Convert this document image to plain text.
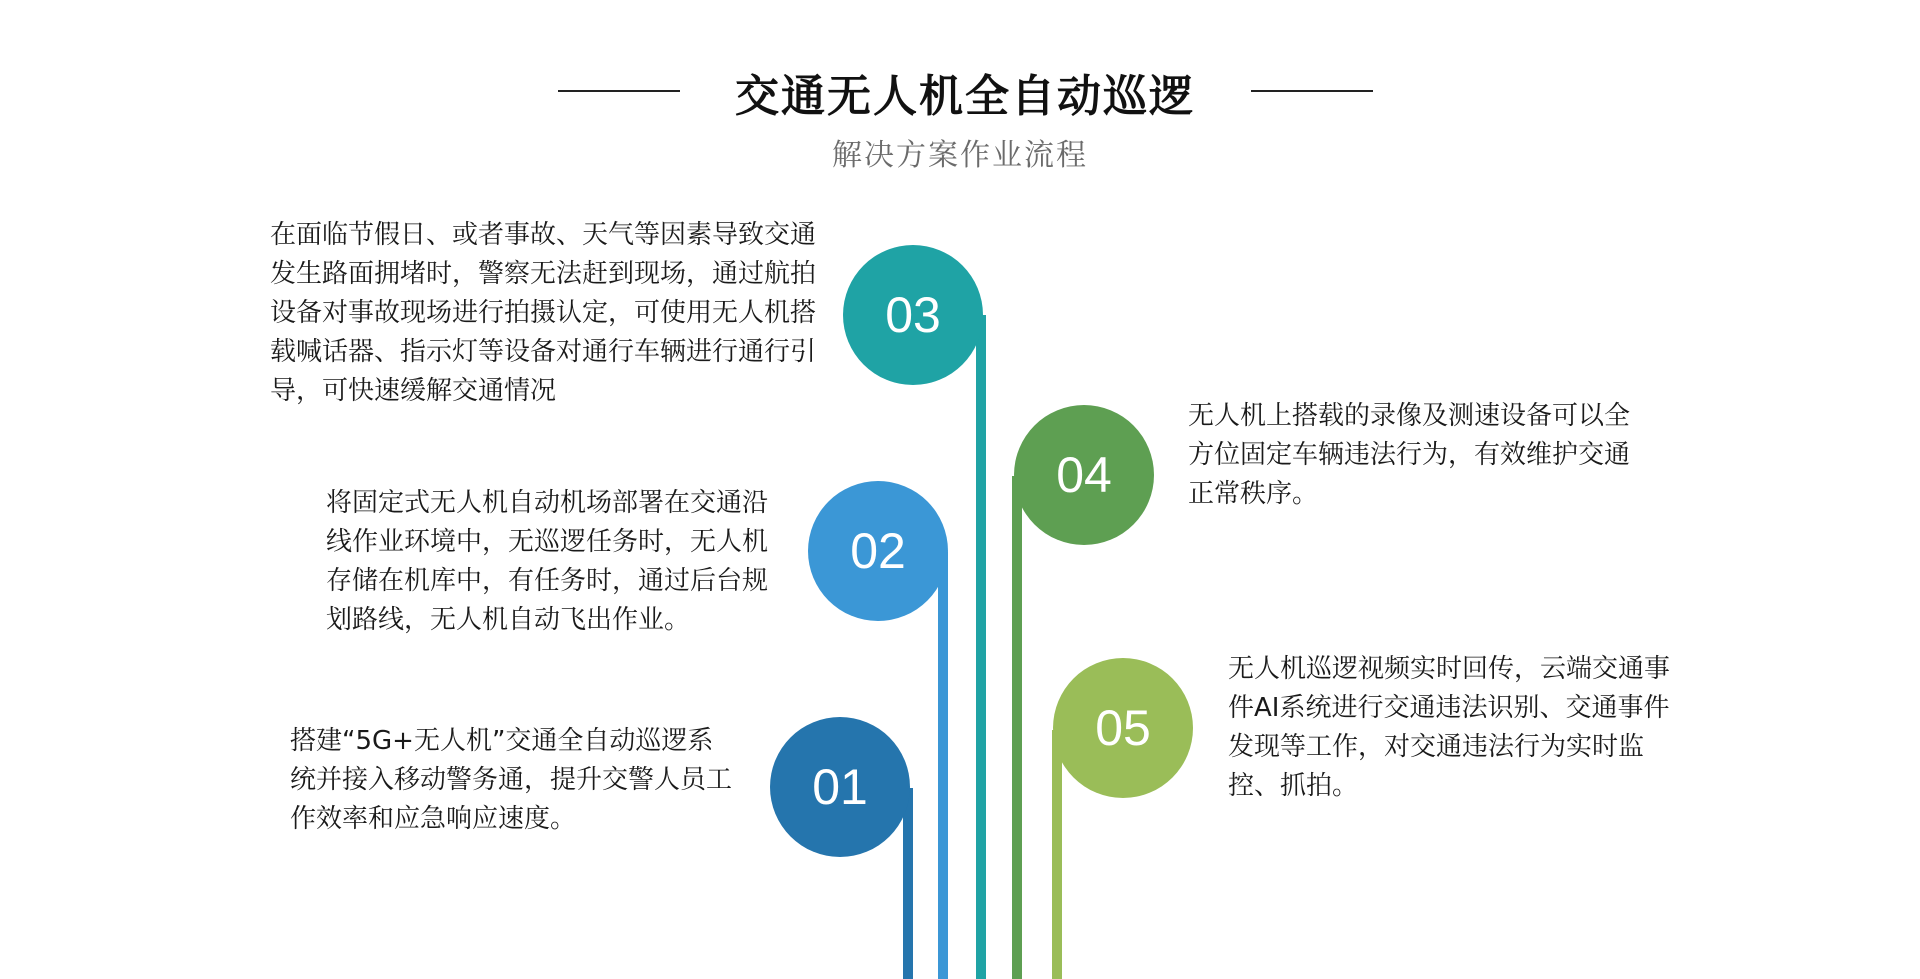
交通无人机全自动巡逻
解决方案作业流程
01
02
03
04
05
在面临节假日、或者事故、天气等因素导致交通发生路面拥堵时，警察无法赶到现场，通过航拍设备对事故现场进行拍摄认定，可使用无人机搭载喊话器、指示灯等设备对通行车辆进行通行引导，可快速缓解交通情况
将固定式无人机自动机场部署在交通沿线作业环境中，无巡逻任务时，无人机存储在机库中，有任务时，通过后台规划路线，无人机自动飞出作业。
搭建“5G+无人机”交通全自动巡逻系统并接入移动警务通，提升交警人员工作效率和应急响应速度。
无人机上搭载的录像及测速设备可以全方位固定车辆违法行为，有效维护交通正常秩序。
无人机巡逻视频实时回传，云端交通事件AI系统进行交通违法识别、交通事件发现等工作，对交通违法行为实时监控、抓拍。
